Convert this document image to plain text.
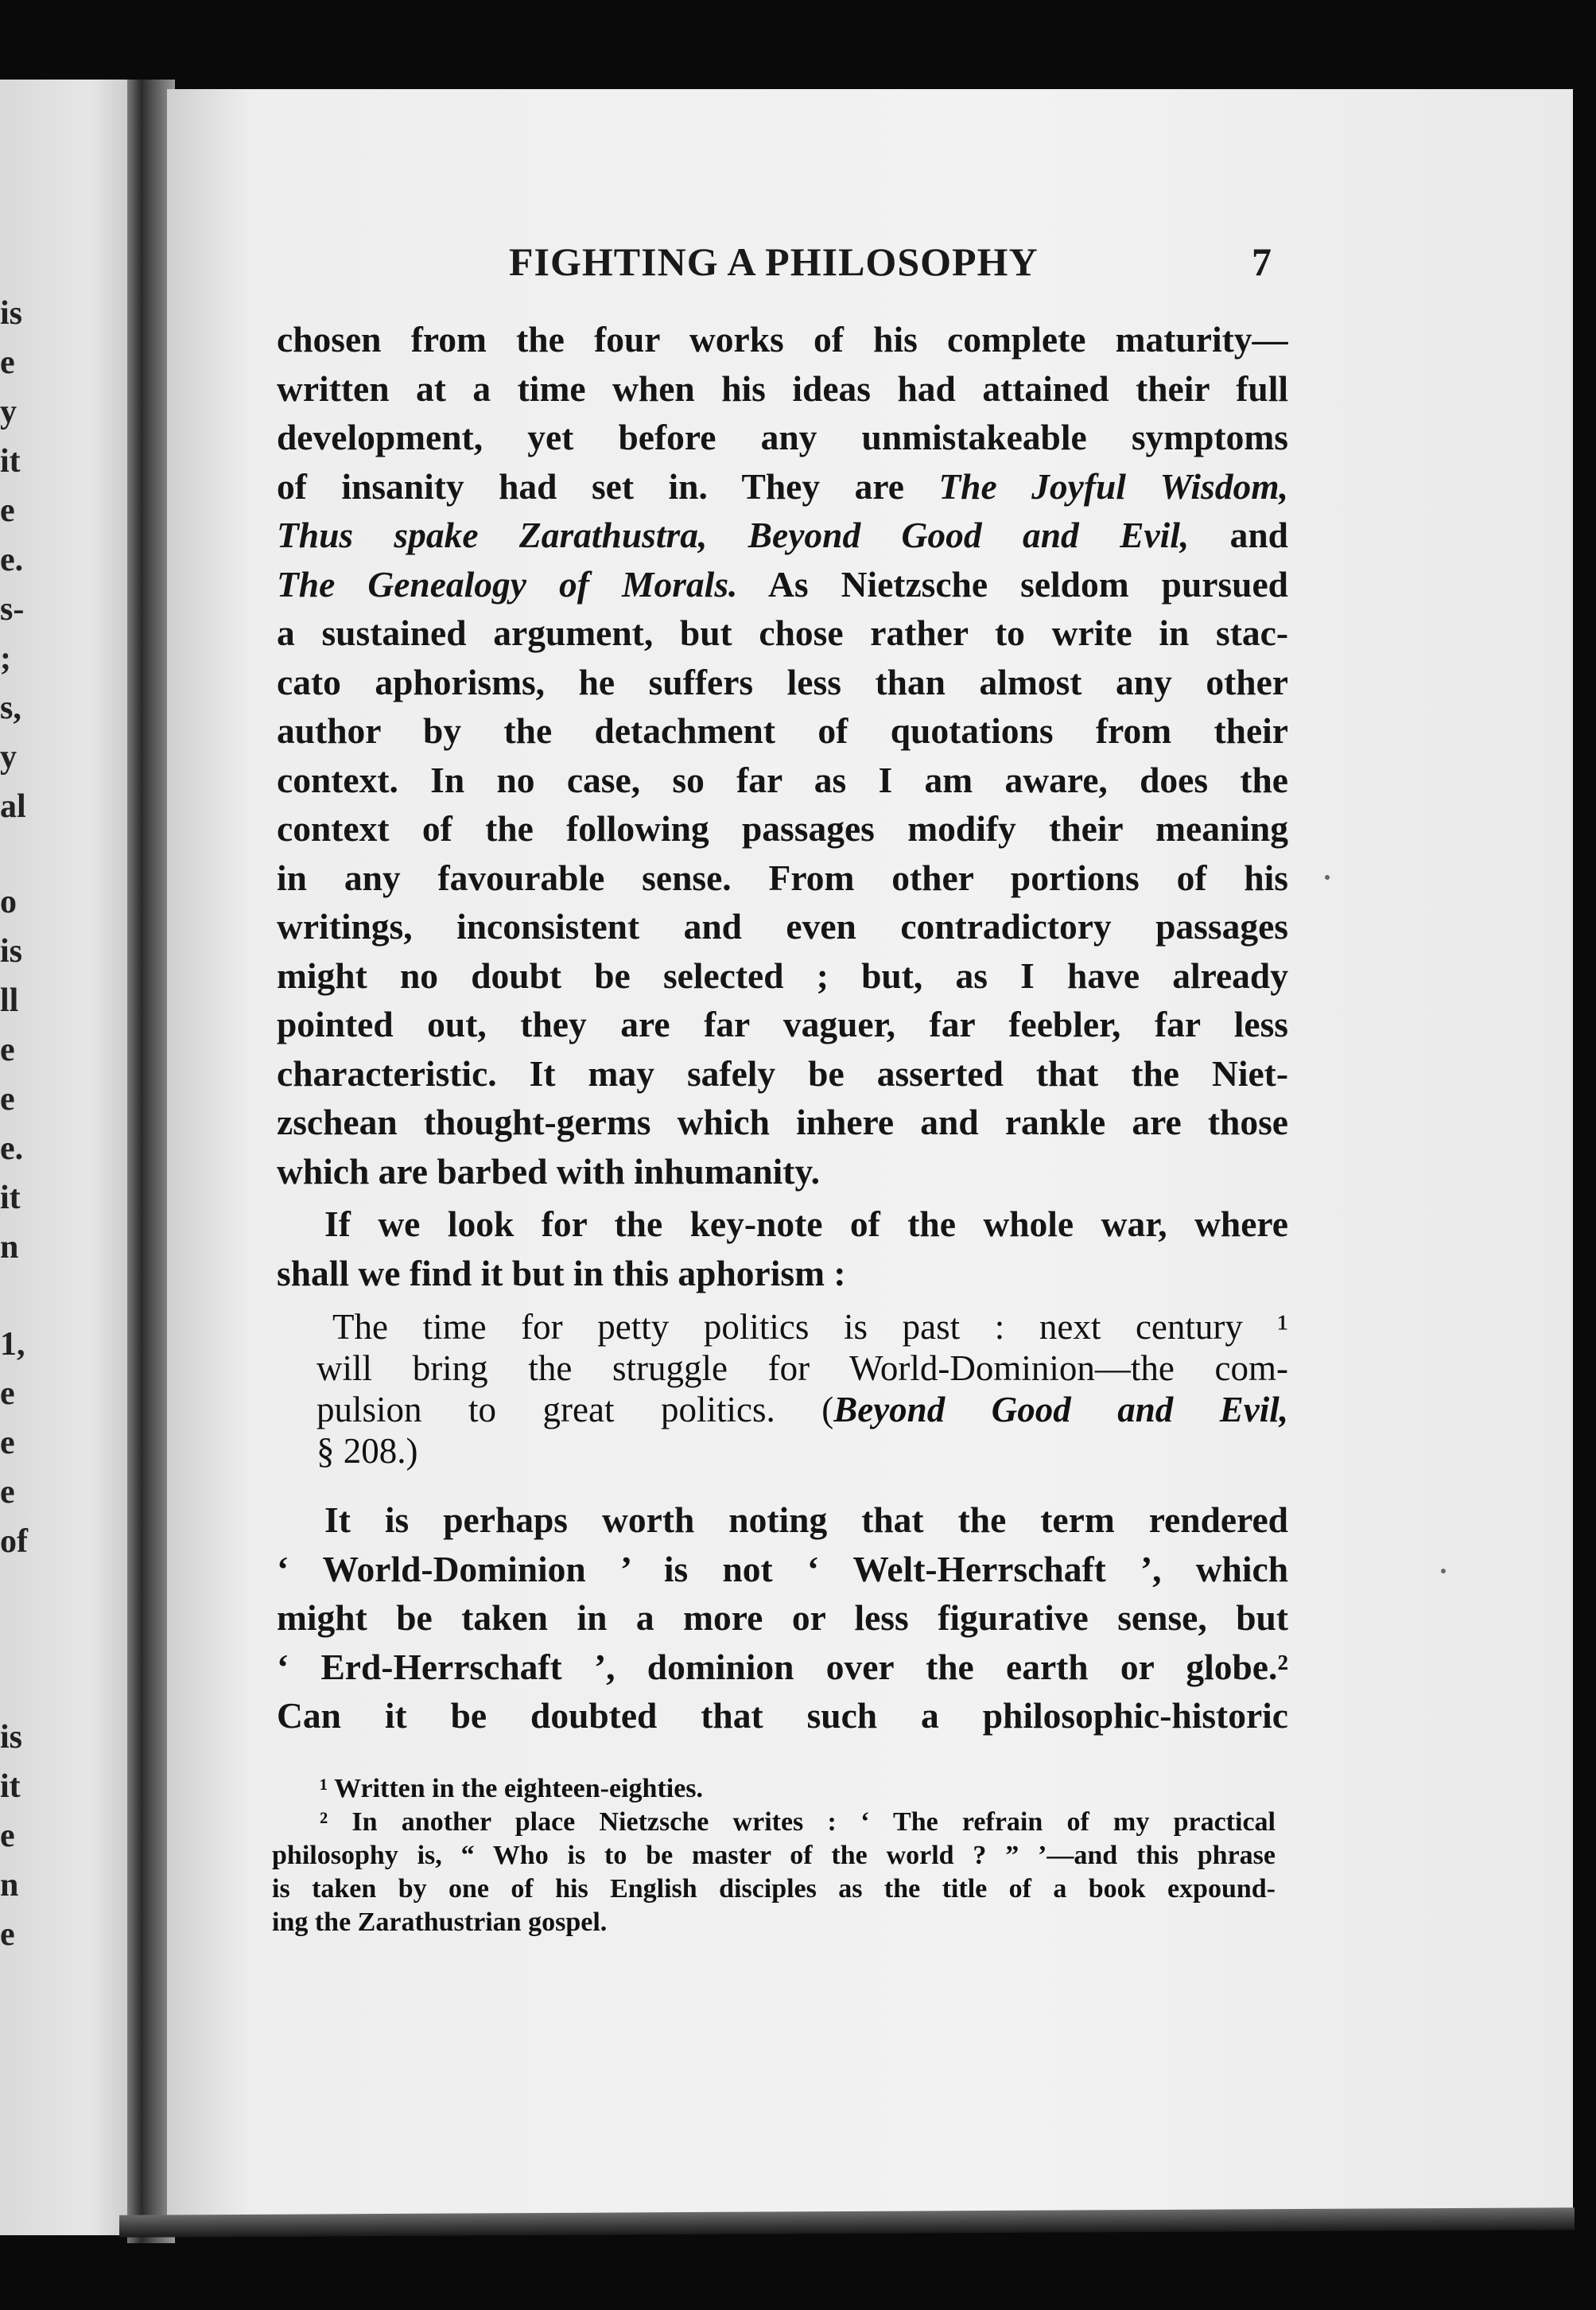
is
e
y
it
e
e.
s-
;
s,
y
al
o
is
ll
e
e
e.
it
n
1,
e
e
e
of
is
it
e
n
e
FIGHTING A PHILOSOPHY	7
chosen from the four works of his complete maturity—
written at a time when his ideas had attained their full
development, yet before any unmistakeable symptoms
of insanity had set in. They are The Joyful Wisdom,
Thus spake Zarathustra, Beyond Good and Evil, and
The Genealogy of Morals. As Nietzsche seldom pursued
a sustained argument, but chose rather to write in stac-
cato aphorisms, he suffers less than almost any other
author by the detachment of quotations from their
context. In no case, so far as I am aware, does the
context of the following passages modify their meaning
in any favourable sense. From other portions of his
writings, inconsistent and even contradictory passages
might no doubt be selected ; but, as I have already
pointed out, they are far vaguer, far feebler, far less
characteristic. It may safely be asserted that the Niet-
zschean thought-germs which inhere and rankle are those
which are barbed with inhumanity.
If we look for the key-note of the whole war, where
shall we find it but in this aphorism :
The time for petty politics is past : next century ¹
will bring the struggle for World-Dominion—the com-
pulsion to great politics. (Beyond Good and Evil,
§ 208.)
It is perhaps worth noting that the term rendered
‘ World-Dominion ’ is not ‘ Welt-Herrschaft ’, which
might be taken in a more or less figurative sense, but
‘ Erd-Herrschaft ’, dominion over the earth or globe.²
Can it be doubted that such a philosophic-historic
¹ Written in the eighteen-eighties.
² In another place Nietzsche writes : ‘ The refrain of my practical
philosophy is, “ Who is to be master of the world ? ” ’—and this phrase
is taken by one of his English disciples as the title of a book expound-
ing the Zarathustrian gospel.
